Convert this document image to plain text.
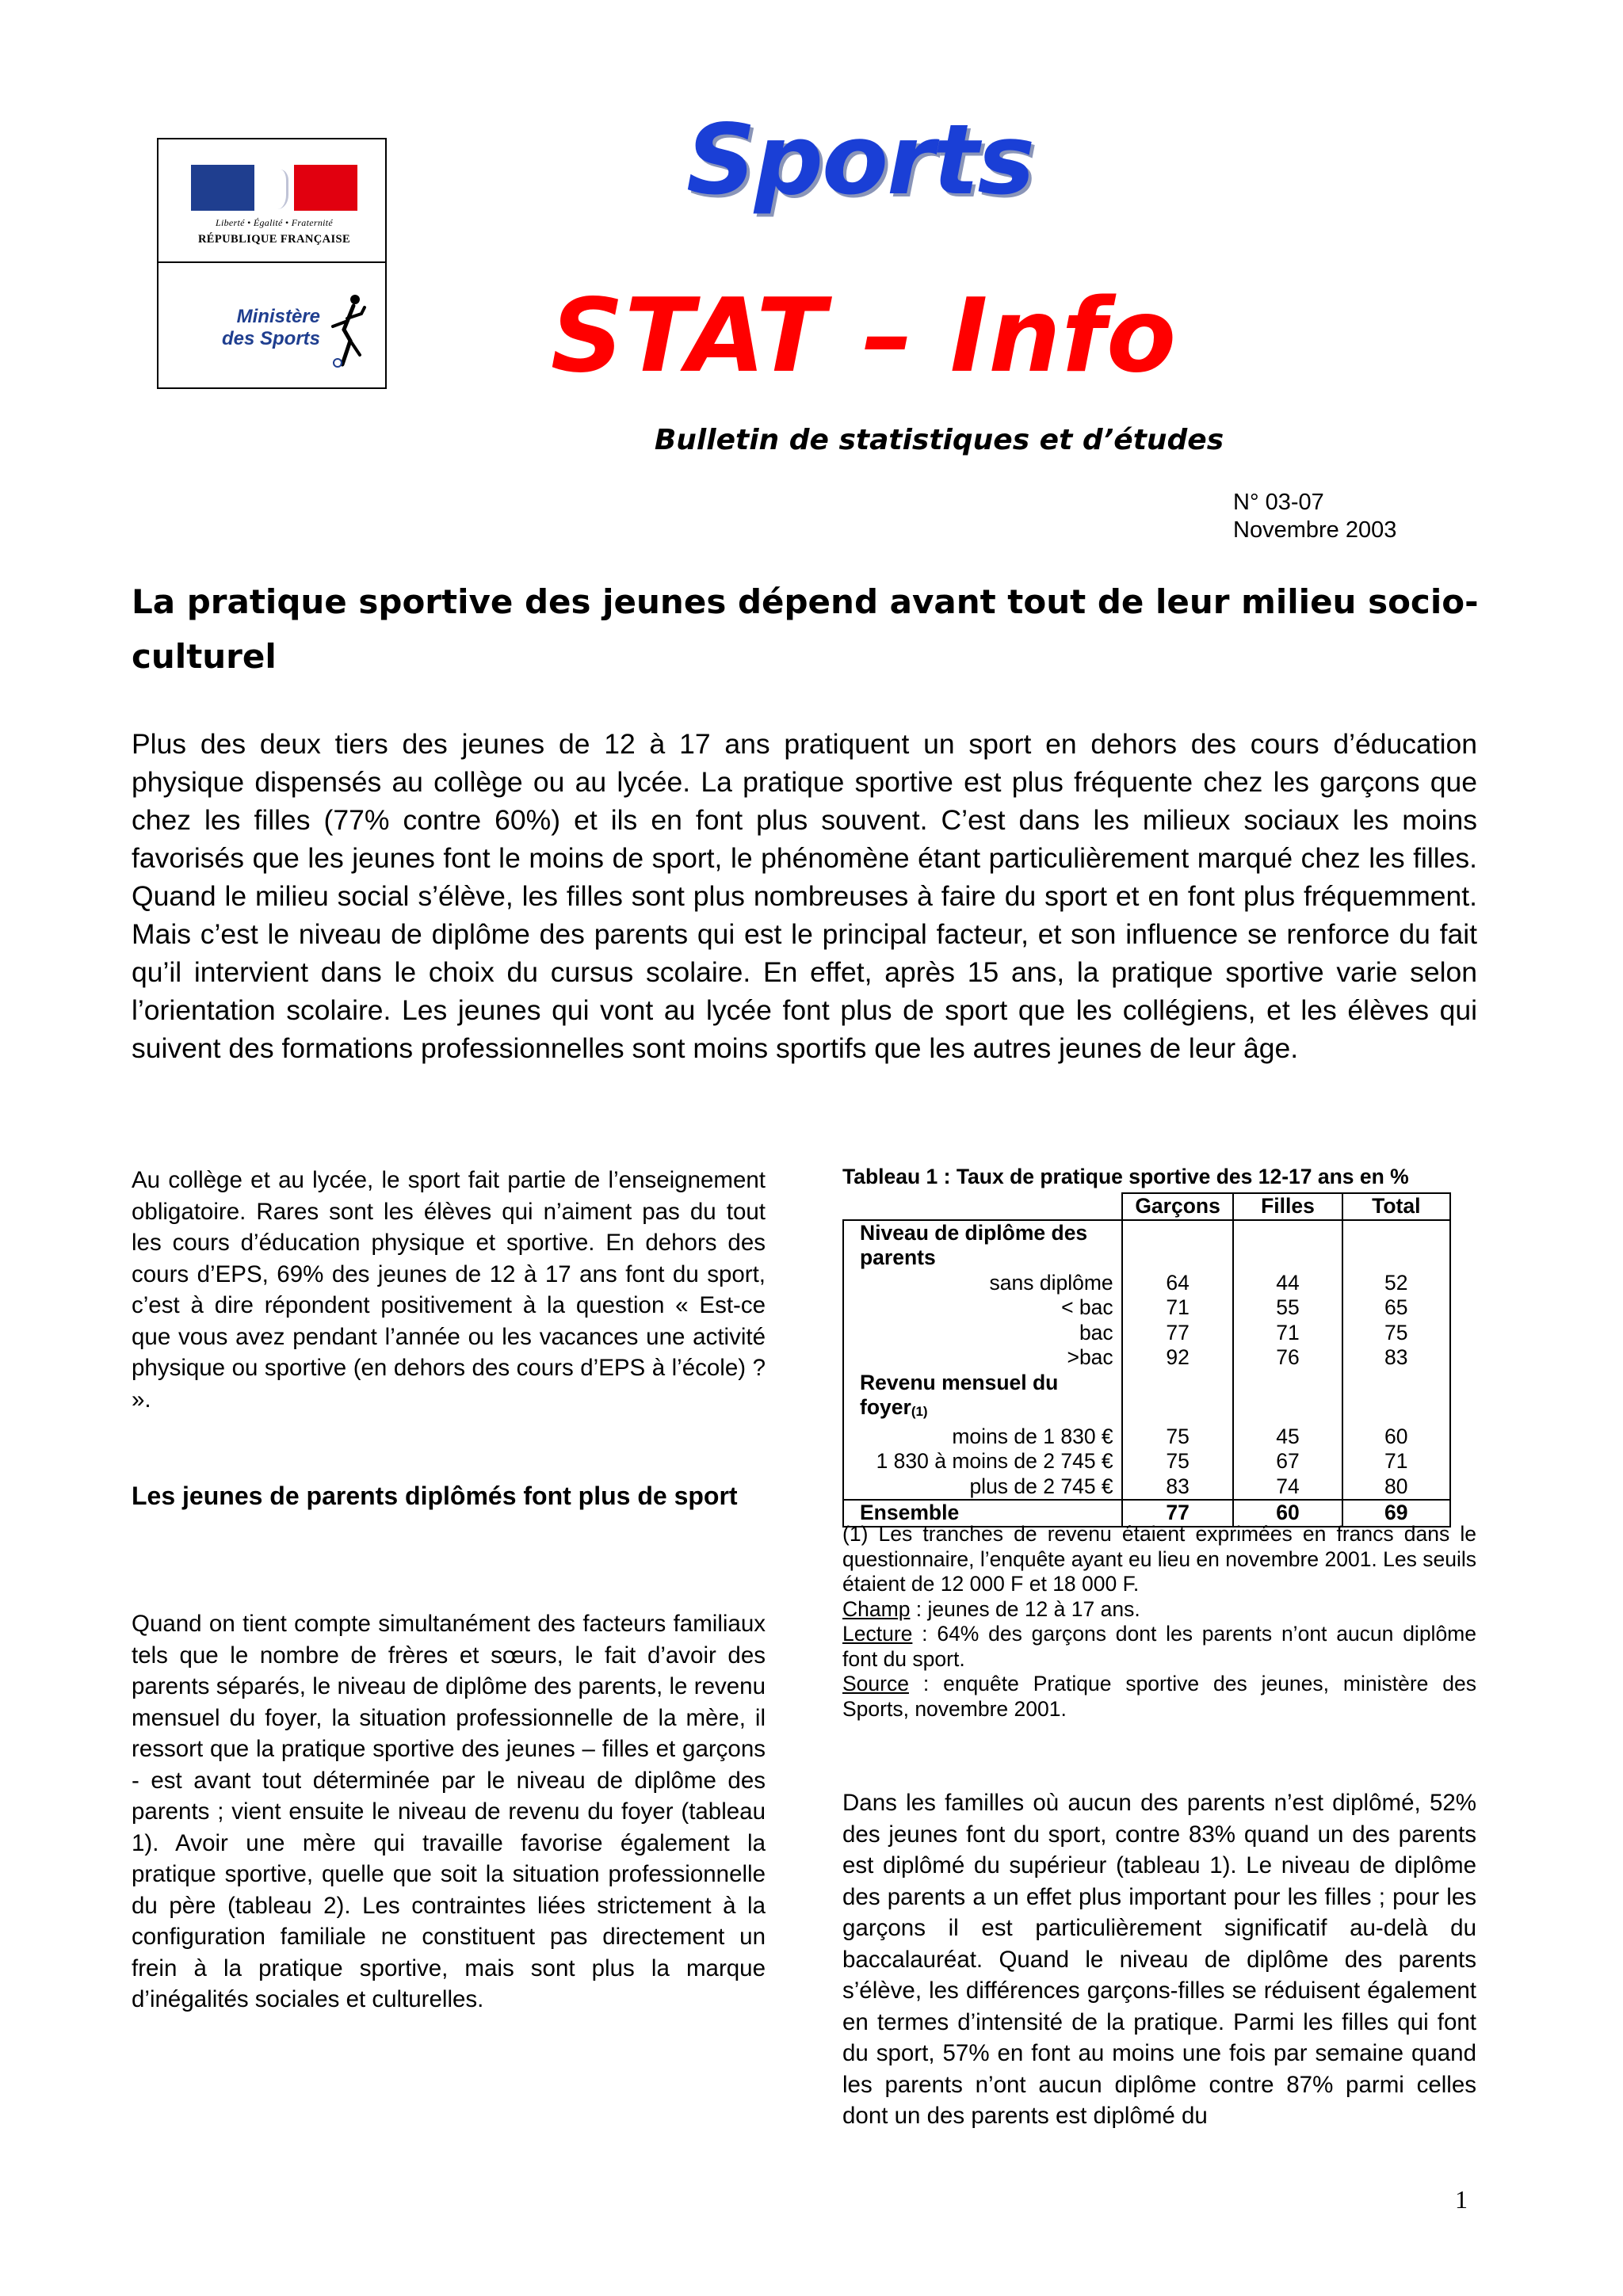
Liberté • Égalité • Fraternité
RÉPUBLIQUE FRANÇAISE
Ministère
des Sports
Sports
STAT – Info
Bulletin de statistiques et d’études
N° 03-07
Novembre 2003
La pratique sportive des jeunes dépend avant tout de leur milieu socio-culturel
Plus des deux tiers des jeunes de 12 à 17 ans pratiquent un sport en dehors des cours d’éducation physique dispensés au collège ou au lycée. La pratique sportive est plus fréquente chez les garçons que chez les filles (77% contre 60%) et ils en font plus souvent. C’est dans les milieux sociaux les moins favorisés que les jeunes font le moins de sport, le phénomène étant particulièrement marqué chez les filles. Quand le milieu social s’élève, les filles sont plus nombreuses à faire du sport et en font plus fréquemment. Mais c’est le niveau de diplôme des parents qui est le principal facteur, et son influence se renforce du fait qu’il intervient dans le choix du cursus scolaire. En effet, après 15 ans, la pratique sportive varie selon l’orientation scolaire. Les jeunes qui vont au lycée font plus de sport que les collégiens, et les élèves qui suivent des formations professionnelles sont moins sportifs que les autres jeunes de leur âge.
Au collège et au lycée, le sport fait partie de l’enseignement obligatoire. Rares sont les élèves qui n’aiment pas du tout les cours d’éducation physique et sportive. En dehors des cours d’EPS, 69% des jeunes de 12 à 17 ans font du sport, c’est à dire répondent positivement à la question « Est-ce que vous avez pendant l’année ou les vacances une activité physique ou sportive (en dehors des cours d’EPS à l’école) ? ».
Les jeunes de parents diplômés font plus de sport
Quand on tient compte simultanément des facteurs familiaux tels que le nombre de frères et sœurs, le fait d’avoir des parents séparés, le niveau de diplôme des parents, le revenu mensuel du foyer, la situation professionnelle de la mère, il ressort que la pratique sportive des jeunes – filles et garçons - est avant tout déterminée par le niveau de diplôme des parents ; vient ensuite le niveau de revenu du foyer (tableau 1). Avoir une mère qui travaille favorise également la pratique sportive, quelle que soit la situation professionnelle du père (tableau 2). Les contraintes liées strictement à la configuration familiale ne constituent pas directement un frein à la pratique sportive, mais sont plus la marque d’inégalités sociales et culturelles.
Tableau 1 : Taux de pratique sportive des 12-17 ans en %
	Garçons	Filles	Total
Niveau de diplôme des parents			
sans diplôme	64	44	52
< bac	71	55	65
bac	77	71	75
>bac	92	76	83
Revenu mensuel du foyer$^{(1)}$			
moins de 1 830 €	75	45	60
1 830 à moins de 2 745 €	75	67	71
plus de 2 745 €	83	74	80
Ensemble	77	60	69
(1) Les tranches de revenu étaient exprimées en francs dans le questionnaire, l’enquête ayant eu lieu en novembre 2001. Les seuils étaient de 12 000 F et 18 000 F.
Champ : jeunes de 12 à 17 ans.
Lecture : 64% des garçons dont les parents n’ont aucun diplôme font du sport.
Source : enquête Pratique sportive des jeunes, ministère des Sports, novembre 2001.
Dans les familles où aucun des parents n’est diplômé, 52% des jeunes font du sport, contre 83% quand un des parents est diplômé du supérieur (tableau 1). Le niveau de diplôme des parents a un effet plus important pour les filles ; pour les garçons il est particulièrement significatif au-delà du baccalauréat. Quand le niveau de diplôme des parents s’élève, les différences garçons-filles se réduisent également en termes d’intensité de la pratique. Parmi les filles qui font du sport, 57% en font au moins une fois par semaine quand les parents n’ont aucun diplôme contre 87% parmi celles dont un des parents est diplômé du
1
